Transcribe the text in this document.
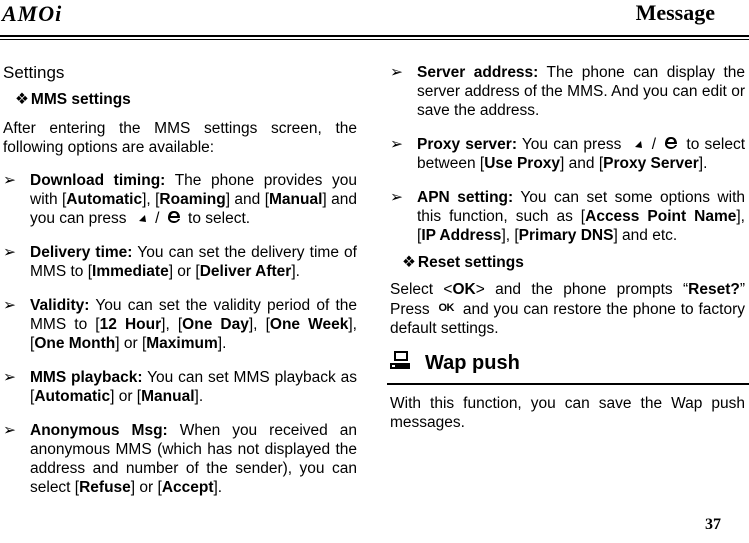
AMOi	Message

Settings

❖ MMS settings

After entering the MMS settings screen, the following options are available:

➢ Download timing: The phone provides you with [Automatic], [Roaming] and [Manual] and you can press
/
to select.

➢ Delivery time: You can set the delivery time of MMS to [Immediate] or [Deliver After].

➢ Validity: You can set the validity period of the MMS to [12 Hour], [One Day], [One Week], [One Month] or [Maximum].

➢ MMS playback: You can set MMS playback as [Automatic] or [Manual].

➢ Anonymous Msg: When you received an anonymous MMS (which has not displayed the address and number of the sender), you can select [Refuse] or [Accept].

➢ Server address: The phone can display the server address of the MMS. And you can edit or save the address.

➢ Proxy server: You can press
/
to select between [Use Proxy] and [Proxy Server].

➢ APN setting: You can set some options with this function, such as [Access Point Name], [IP Address], [Primary DNS] and etc.

❖ Reset settings

Select <OK> and the phone prompts “Reset?” Press OK and you can restore the phone to factory default settings.

Wap push

With this function, you can save the Wap push messages.

37
